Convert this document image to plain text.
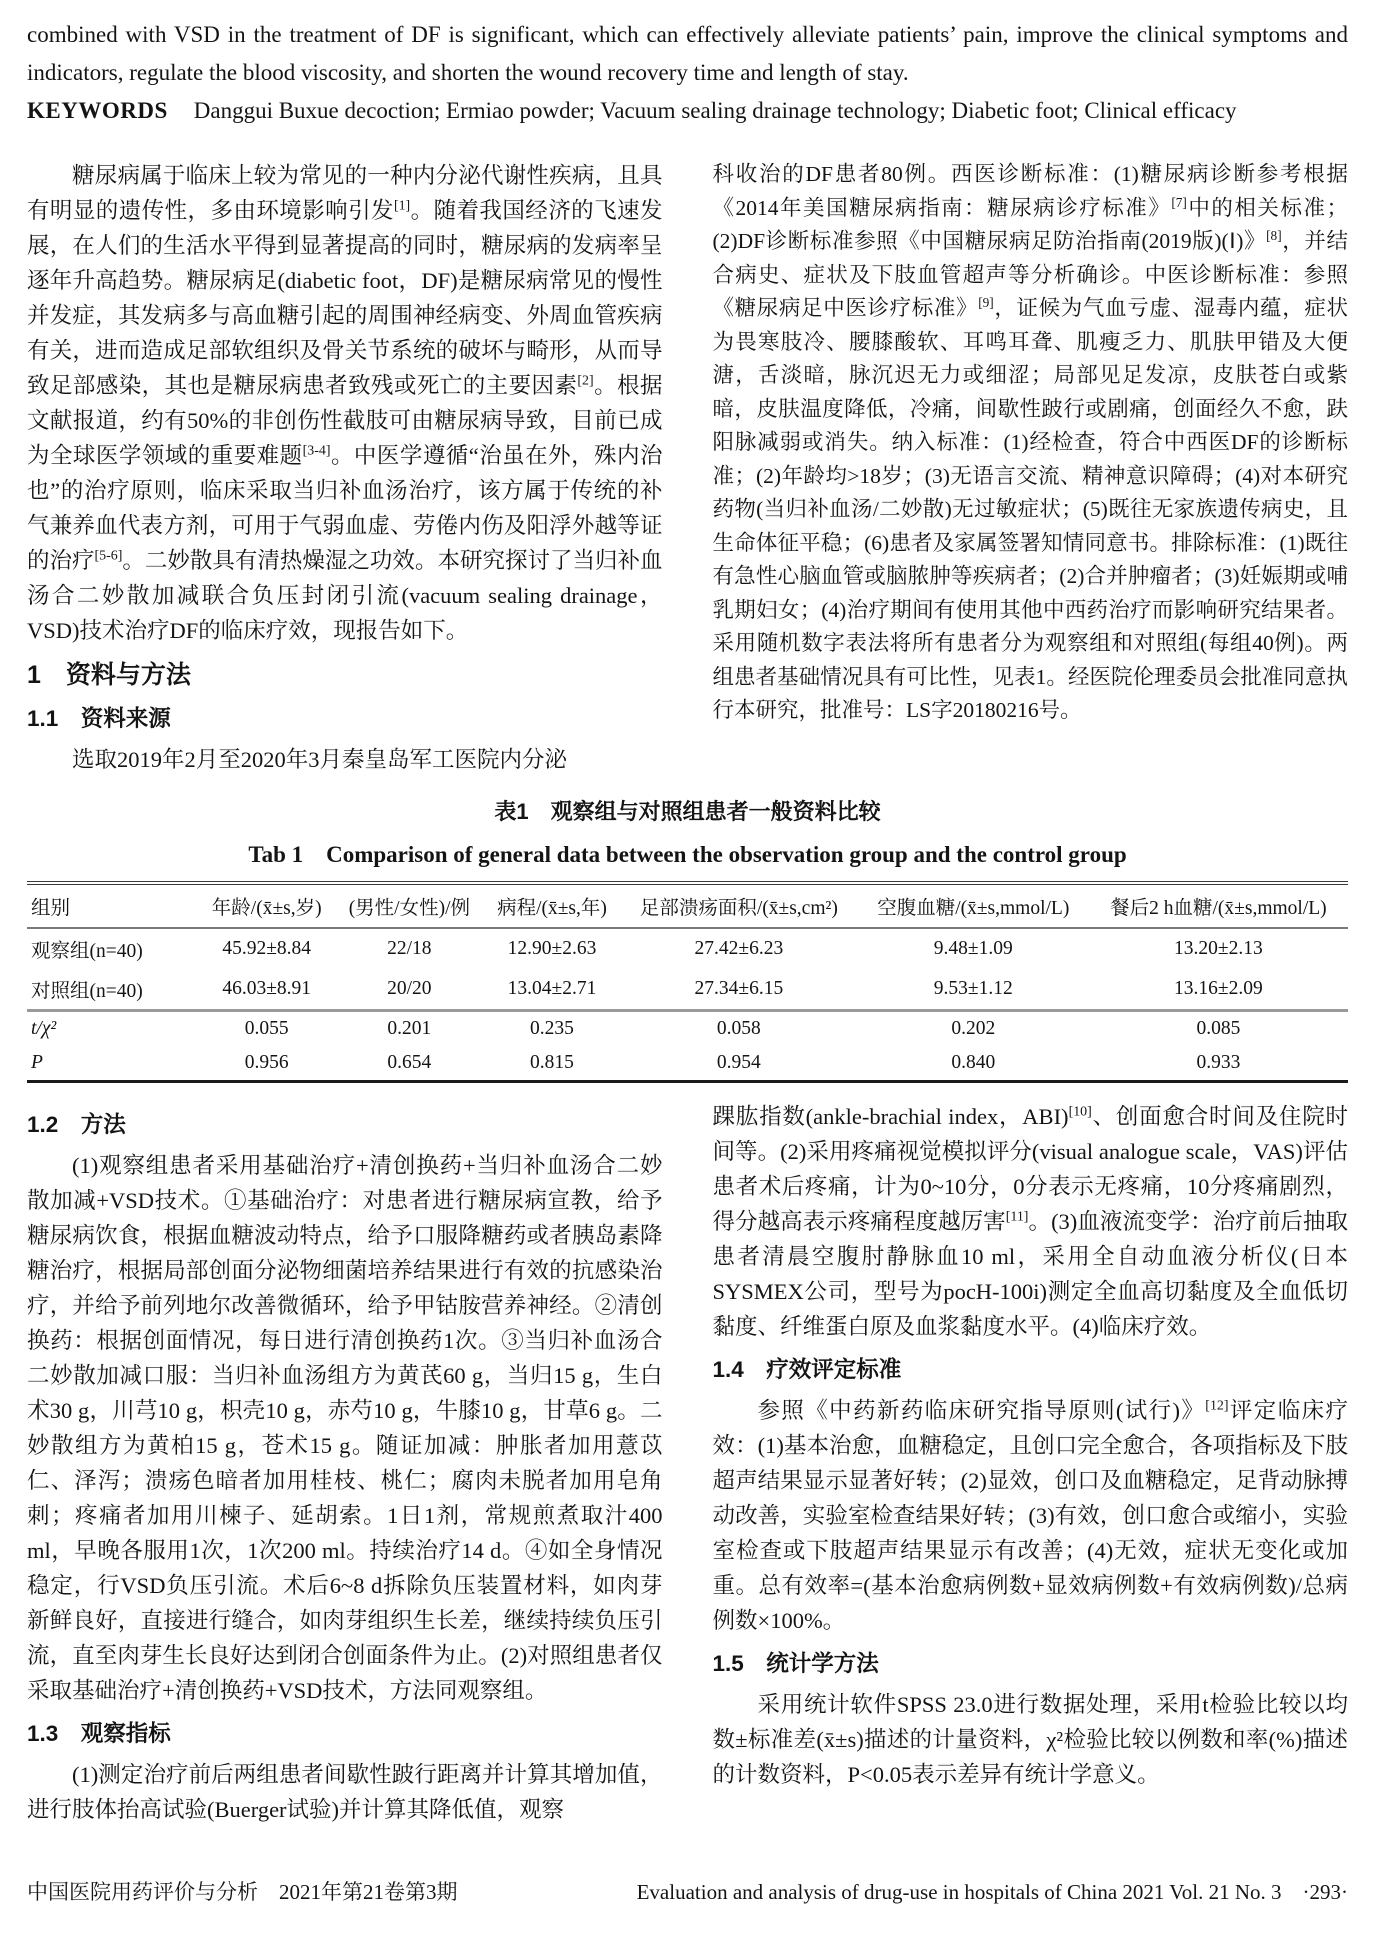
combined with VSD in the treatment of DF is significant, which can effectively alleviate patients’ pain, improve the clinical symptoms and indicators, regulate the blood viscosity, and shorten the wound recovery time and length of stay.

KEYWORDS Danggui Buxue decoction; Ermiao powder; Vacuum sealing drainage technology; Diabetic foot; Clinical efficacy

糖尿病属于临床上较为常见的一种内分泌代谢性疾病，且具有明显的遗传性，多由环境影响引发[1]。随着我国经济的飞速发展，在人们的生活水平得到显著提高的同时，糖尿病的发病率呈逐年升高趋势。糖尿病足(diabetic foot，DF)是糖尿病常见的慢性并发症，其发病多与高血糖引起的周围神经病变、外周血管疾病有关，进而造成足部软组织及骨关节系统的破坏与畸形，从而导致足部感染，其也是糖尿病患者致残或死亡的主要因素[2]。根据文献报道，约有50%的非创伤性截肢可由糖尿病导致，目前已成为全球医学领域的重要难题[3-4]。中医学遵循“治虽在外，殊内治也”的治疗原则，临床采取当归补血汤治疗，该方属于传统的补气兼养血代表方剂，可用于气弱血虚、劳倦内伤及阳浮外越等证的治疗[5-6]。二妙散具有清热燥湿之功效。本研究探讨了当归补血汤合二妙散加减联合负压封闭引流(vacuum sealing drainage，VSD)技术治疗DF的临床疗效，现报告如下。

1　资料与方法
1.1　资料来源

选取2019年2月至2020年3月秦皇岛军工医院内分泌

科收治的DF患者80例。西医诊断标准：(1)糖尿病诊断参考根据《2014年美国糖尿病指南：糖尿病诊疗标准》[7]中的相关标准；(2)DF诊断标准参照《中国糖尿病足防治指南(2019版)(Ⅰ)》[8]，并结合病史、症状及下肢血管超声等分析确诊。中医诊断标准：参照《糖尿病足中医诊疗标准》[9]，证候为气血亏虚、湿毒内蕴，症状为畏寒肢冷、腰膝酸软、耳鸣耳聋、肌瘦乏力、肌肤甲错及大便溏，舌淡暗，脉沉迟无力或细涩；局部见足发凉，皮肤苍白或紫暗，皮肤温度降低，冷痛，间歇性跛行或剧痛，创面经久不愈，趺阳脉减弱或消失。纳入标准：(1)经检查，符合中西医DF的诊断标准；(2)年龄均>18岁；(3)无语言交流、精神意识障碍；(4)对本研究药物(当归补血汤/二妙散)无过敏症状；(5)既往无家族遗传病史，且生命体征平稳；(6)患者及家属签署知情同意书。排除标准：(1)既往有急性心脑血管或脑脓肿等疾病者；(2)合并肿瘤者；(3)妊娠期或哺乳期妇女；(4)治疗期间有使用其他中西药治疗而影响研究结果者。采用随机数字表法将所有患者分为观察组和对照组(每组40例)。两组患者基础情况具有可比性，见表1。经医院伦理委员会批准同意执行本研究，批准号：LS字20180216号。

表1　观察组与对照组患者一般资料比较

Tab 1　Comparison of general data between the observation group and the control group

组别	年龄/(x̄±s,岁)	(男性/女性)/例	病程/(x̄±s,年)	足部溃疡面积/(x̄±s,cm²)	空腹血糖/(x̄±s,mmol/L)	餐后2 h血糖/(x̄±s,mmol/L)
观察组(n=40)	45.92±8.84	22/18	12.90±2.63	27.42±6.23	9.48±1.09	13.20±2.13
对照组(n=40)	46.03±8.91	20/20	13.04±2.71	27.34±6.15	9.53±1.12	13.16±2.09
t/χ²	0.055	0.201	0.235	0.058	0.202	0.085
P	0.956	0.654	0.815	0.954	0.840	0.933
1.2　方法

(1)观察组患者采用基础治疗+清创换药+当归补血汤合二妙散加减+VSD技术。①基础治疗：对患者进行糖尿病宣教，给予糖尿病饮食，根据血糖波动特点，给予口服降糖药或者胰岛素降糖治疗，根据局部创面分泌物细菌培养结果进行有效的抗感染治疗，并给予前列地尔改善微循环，给予甲钴胺营养神经。②清创换药：根据创面情况，每日进行清创换药1次。③当归补血汤合二妙散加减口服：当归补血汤组方为黄芪60 g，当归15 g，生白术30 g，川芎10 g，枳壳10 g，赤芍10 g，牛膝10 g，甘草6 g。二妙散组方为黄柏15 g，苍术15 g。随证加减：肿胀者加用薏苡仁、泽泻；溃疡色暗者加用桂枝、桃仁；腐肉未脱者加用皂角刺；疼痛者加用川楝子、延胡索。1日1剂，常规煎煮取汁400 ml，早晚各服用1次，1次200 ml。持续治疗14 d。④如全身情况稳定，行VSD负压引流。术后6~8 d拆除负压装置材料，如肉芽新鲜良好，直接进行缝合，如肉芽组织生长差，继续持续负压引流，直至肉芽生长良好达到闭合创面条件为止。(2)对照组患者仅采取基础治疗+清创换药+VSD技术，方法同观察组。

1.3　观察指标

(1)测定治疗前后两组患者间歇性跛行距离并计算其增加值，进行肢体抬高试验(Buerger试验)并计算其降低值，观察

踝肱指数(ankle-brachial index，ABI)[10]、创面愈合时间及住院时间等。(2)采用疼痛视觉模拟评分(visual analogue scale，VAS)评估患者术后疼痛，计为0~10分，0分表示无疼痛，10分疼痛剧烈，得分越高表示疼痛程度越厉害[11]。(3)血液流变学：治疗前后抽取患者清晨空腹肘静脉血10 ml，采用全自动血液分析仪(日本SYSMEX公司，型号为pocH-100i)测定全血高切黏度及全血低切黏度、纤维蛋白原及血浆黏度水平。(4)临床疗效。

1.4　疗效评定标准

参照《中药新药临床研究指导原则(试行)》[12]评定临床疗效：(1)基本治愈，血糖稳定，且创口完全愈合，各项指标及下肢超声结果显示显著好转；(2)显效，创口及血糖稳定，足背动脉搏动改善，实验室检查结果好转；(3)有效，创口愈合或缩小，实验室检查或下肢超声结果显示有改善；(4)无效，症状无变化或加重。总有效率=(基本治愈病例数+显效病例数+有效病例数)/总病例数×100%。

1.5　统计学方法

采用统计软件SPSS 23.0进行数据处理，采用t检验比较以均数±标准差(x̄±s)描述的计量资料，χ²检验比较以例数和率(%)描述的计数资料，P<0.05表示差异有统计学意义。

中国医院用药评价与分析　2021年第21卷第3期	Evaluation and analysis of drug-use in hospitals of China 2021 Vol. 21 No. 3　·293·
